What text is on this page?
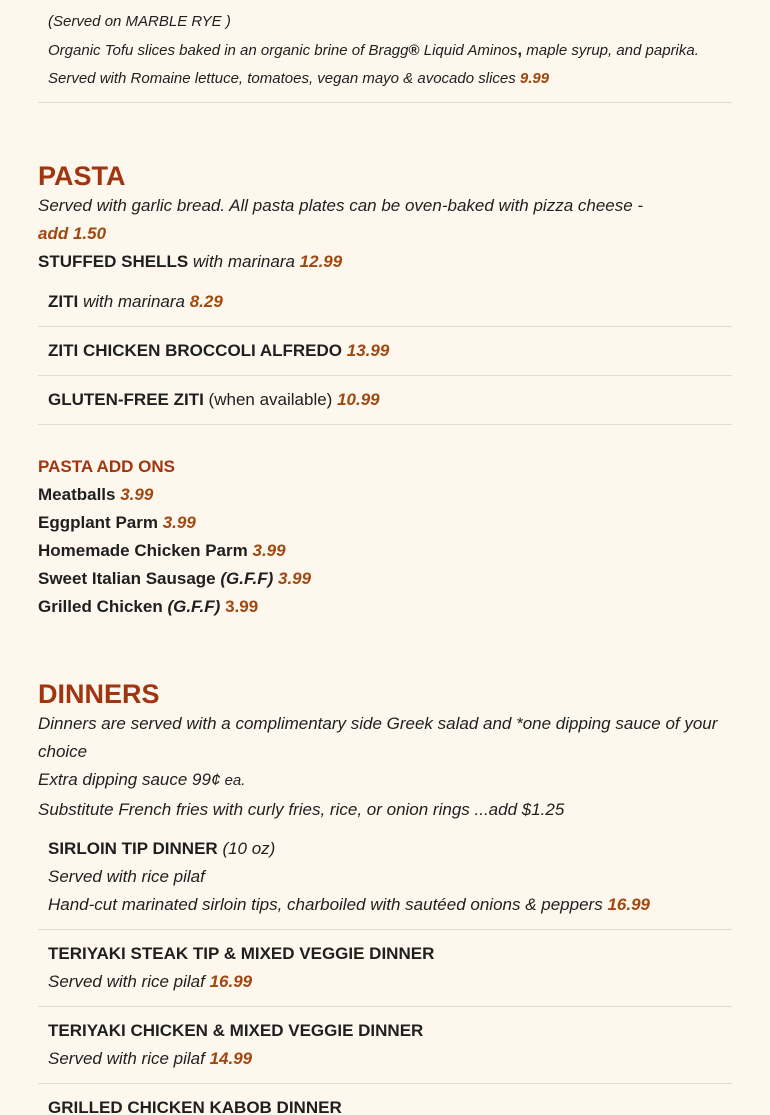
(Served on MARBLE RYE )
Organic Tofu slices baked in an organic brine of Bragg® Liquid Aminos, maple syrup, and paprika. Served with Romaine lettuce, tomatoes, vegan mayo & avocado slices 9.99
PASTA
Served with garlic bread. All pasta plates can be oven-baked with pizza cheese -
add 1.50
STUFFED SHELLS with marinara 12.99
ZITI with marinara 8.29
ZITI CHICKEN BROCCOLI ALFREDO 13.99
GLUTEN-FREE ZITI (when available) 10.99
PASTA ADD ONS
Meatballs 3.99
Eggplant Parm 3.99
Homemade Chicken Parm 3.99
Sweet Italian Sausage (G.F.F) 3.99
Grilled Chicken (G.F.F) 3.99
DINNERS
Dinners are served with a complimentary side Greek salad and *one dipping sauce of your choice
Extra dipping sauce 99¢ ea.
Substitute French fries with curly fries, rice, or onion rings ...add $1.25
SIRLOIN TIP DINNER (10 oz)
Served with rice pilaf
Hand-cut marinated sirloin tips, charboiled with sautéed onions & peppers 16.99
TERIYAKI STEAK TIP & MIXED VEGGIE DINNER
Served with rice pilaf 16.99
TERIYAKI CHICKEN & MIXED VEGGIE DINNER
Served with rice pilaf 14.99
GRILLED CHICKEN KABOB DINNER
